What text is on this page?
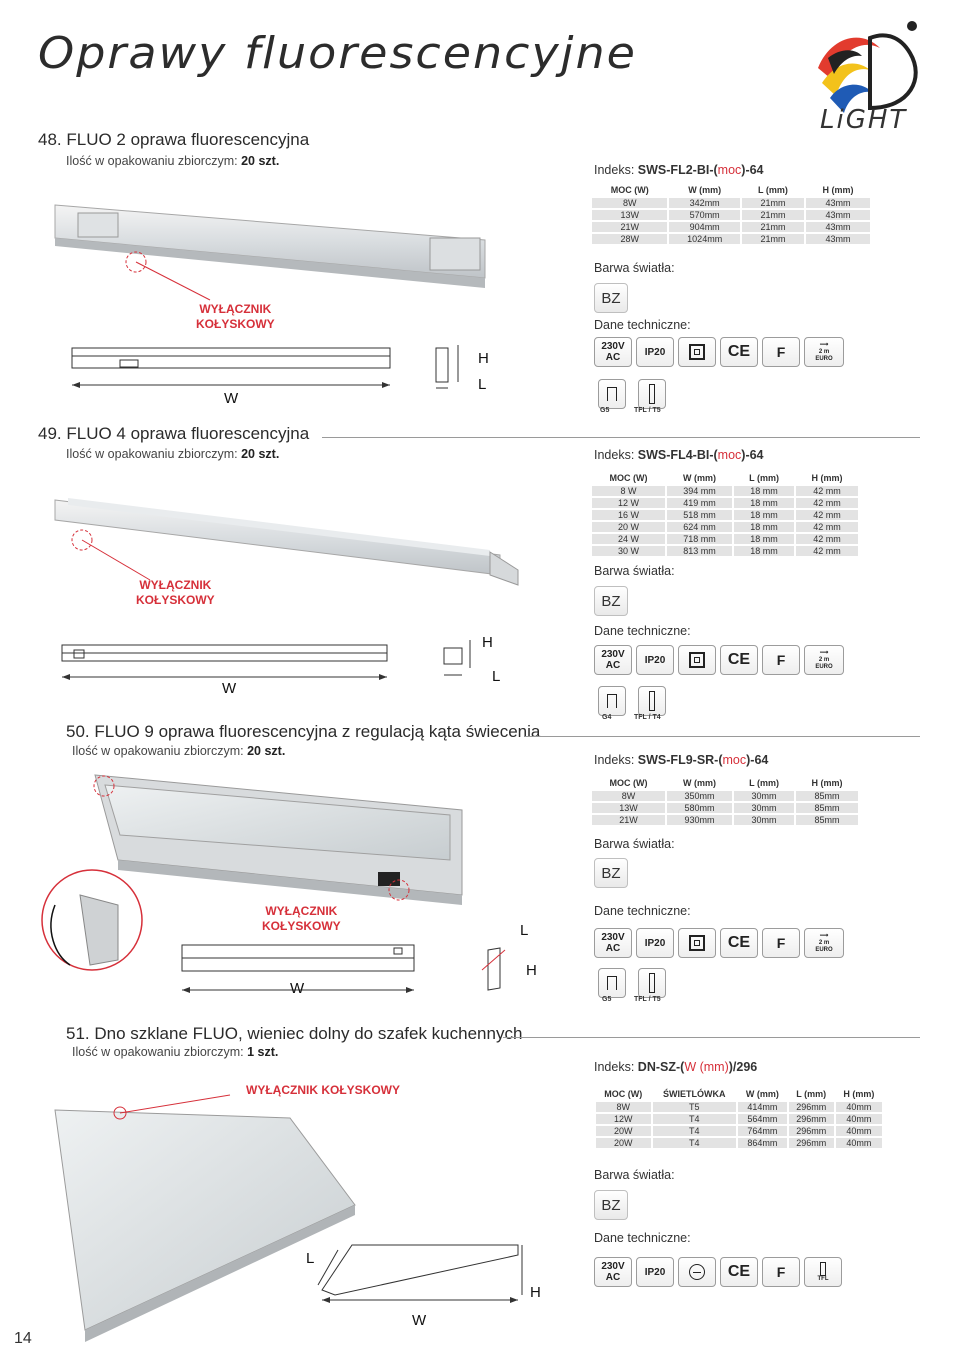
Oprawy fluorescencyjne
LiGHT
48. FLUO 2 oprawa fluorescencyjna
Ilość w opakowaniu zbiorczym: 20 szt.
Indeks: SWS-FL2-BI-(moc)-64
MOC (W)	W (mm)	L (mm)	H (mm)
8W	342mm	21mm	43mm
13W	570mm	21mm	43mm
21W	904mm	21mm	43mm
28W	1024mm	21mm	43mm
Barwa światła:
BZ
Dane techniczne:
230V AC	IP20	CE	F	⟿
2 m
EURO
G5	TFL / T5
WYŁĄCZNIK
KOŁYSKOWY
W
H
L
49. FLUO 4 oprawa fluorescencyjna
Ilość w opakowaniu zbiorczym: 20 szt.	Indeks: SWS-FL4-BI-(moc)-64
MOC (W)	W (mm)	L (mm)	H (mm)
8 W	394 mm	18 mm	42 mm
12 W	419 mm	18 mm	42 mm
16 W	518 mm	18 mm	42 mm
20 W	624 mm	18 mm	42 mm
24 W	718 mm	18 mm	42 mm
30 W	813 mm	18 mm	42 mm
Barwa światła:
BZ
Dane techniczne:
230V AC	IP20	CE	F	⟿
2 m
EURO
G4	TFL / T4
WYŁĄCZNIK
KOŁYSKOWY
W
H
L
50. FLUO 9 oprawa fluorescencyjna z regulacją kąta świecenia
Ilość w opakowaniu zbiorczym: 20 szt.
Indeks: SWS-FL9-SR-(moc)-64
MOC (W)	W (mm)	L (mm)	H (mm)
8W	350mm	30mm	85mm
13W	580mm	30mm	85mm
21W	930mm	30mm	85mm
Barwa światła:
BZ
Dane techniczne:
230V AC	IP20	CE	F	⟿
2 m
EURO
G5	TFL / T5
WYŁĄCZNIK
KOŁYSKOWY
W
L
H
51. Dno szklane FLUO, wieniec dolny do szafek kuchennych
Ilość w opakowaniu zbiorczym: 1 szt.
Indeks: DN-SZ-(W (mm))/296
MOC (W)	ŚWIETLÓWKA	W (mm)	L (mm)	H (mm)
8W	T5	414mm	296mm	40mm
12W	T4	564mm	296mm	40mm
20W	T4	764mm	296mm	40mm
20W	T4	864mm	296mm	40mm
Barwa światła:
BZ
Dane techniczne:
230V AC	IP20	CE	F	TFL
WYŁĄCZNIK KOŁYSKOWY
W
L
H
14
